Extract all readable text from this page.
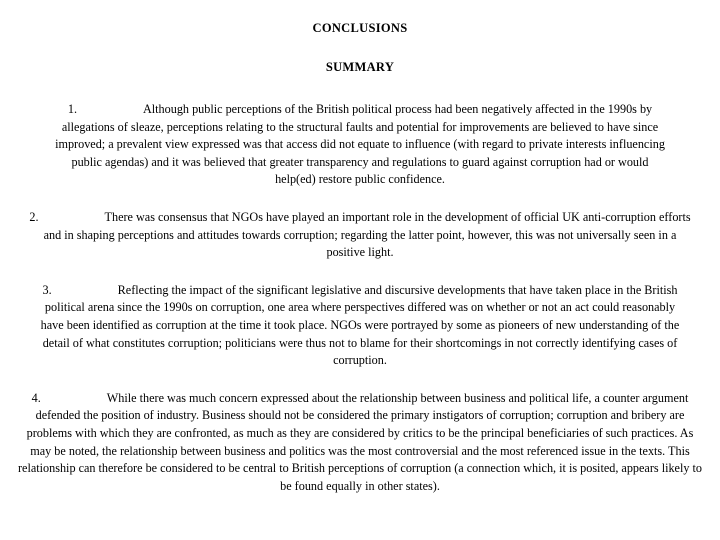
CONCLUSIONS
SUMMARY

1.	Although public perceptions of the British political process had been negatively affected in the 1990s by allegations of sleaze, perceptions relating to the structural faults and potential for improvements are believed to have since improved; a prevalent view expressed was that access did not equate to influence (with regard to private interests influencing public agendas) and it was believed that greater transparency and regulations to guard against corruption had or would help(ed) restore public confidence.

2.	There was consensus that NGOs have played an important role in the development of official UK anti-corruption efforts and in shaping perceptions and attitudes towards corruption; regarding the latter point, however, this was not universally seen in a positive light.

3.	Reflecting the impact of the significant legislative and discursive developments that have taken place in the British political arena since the 1990s on corruption, one area where perspectives differed was on whether or not an act could reasonably have been identified as corruption at the time it took place. NGOs were portrayed by some as pioneers of new understanding of the detail of what constitutes corruption; politicians were thus not to blame for their shortcomings in not correctly identifying cases of corruption.

4.	While there was much concern expressed about the relationship between business and political life, a counter argument defended the position of industry. Business should not be considered the primary instigators of corruption; corruption and bribery are problems with which they are confronted, as much as they are considered by critics to be the principal beneficiaries of such practices. As may be noted, the relationship between business and politics was the most controversial and the most referenced issue in the texts. This relationship can therefore be considered to be central to British perceptions of corruption (a connection which, it is posited, appears likely to be found equally in other states).
